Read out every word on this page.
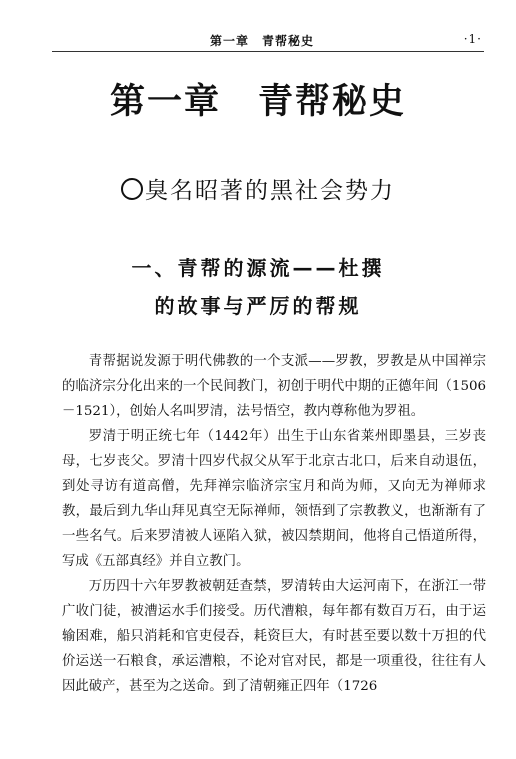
第一章　青帮秘史	·1·
第一章　青帮秘史
臭名昭著的黑社会势力
一、青帮的源流——杜撰
的故事与严厉的帮规

青帮据说发源于明代佛教的一个支派——罗教，罗教是从中国禅宗的临济宗分化出来的一个民间教门，初创于明代中期的正德年间（1506－1521），创始人名叫罗清，法号悟空，教内尊称他为罗祖。

罗清于明正统七年（1442年）出生于山东省莱州即墨县，三岁丧母，七岁丧父。罗清十四岁代叔父从军于北京古北口，后来自动退伍，到处寻访有道高僧，先拜禅宗临济宗宝月和尚为师，又向无为禅师求教，最后到九华山拜见真空无际禅师，领悟到了宗教教义，也渐渐有了一些名气。后来罗清被人诬陷入狱，被囚禁期间，他将自己悟道所得，写成《五部真经》并自立教门。

万历四十六年罗教被朝廷查禁，罗清转由大运河南下，在浙江一带广收门徒，被漕运水手们接受。历代漕粮，每年都有数百万石，由于运输困难，船只消耗和官吏侵吞，耗资巨大，有时甚至要以数十万担的代价运送一石粮食，承运漕粮，不论对官对民，都是一项重役，往往有人因此破产，甚至为之送命。到了清朝雍正四年（1726
